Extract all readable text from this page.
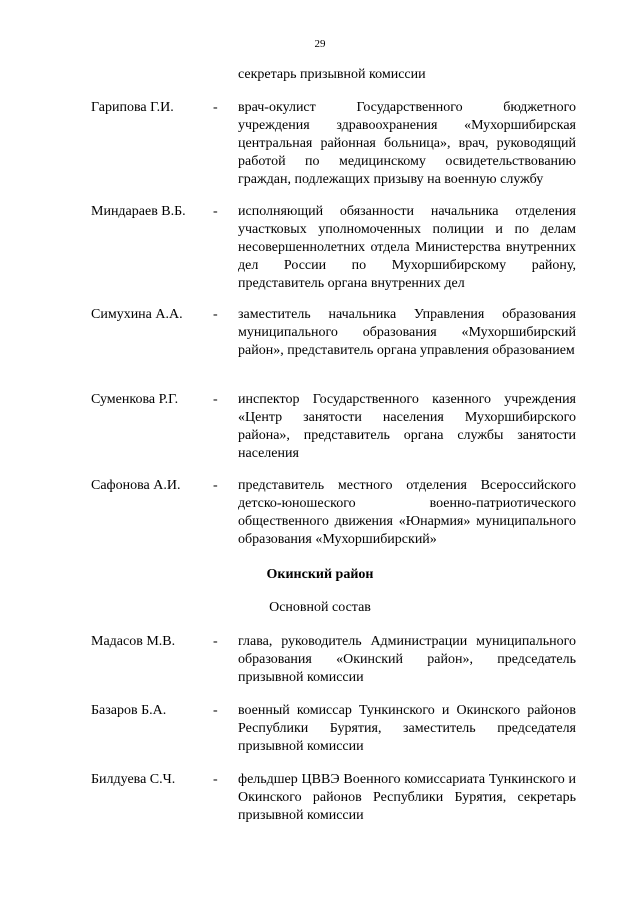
29
секретарь призывной комиссии
Гарипова Г.И.	- врач-окулист Государственного бюджетного учреждения здравоохранения «Мухоршибирская центральная районная больница», врач, руководящий работой по медицинскому освидетельствованию граждан, подлежащих призыву на военную службу
Миндараев В.Б. - исполняющий обязанности начальника отделения участковых уполномоченных полиции и по делам несовершеннолетних отдела Министерства внутренних дел России по Мухоршибирскому району, представитель органа внутренних дел
Симухина А.А. - заместитель начальника Управления образования муниципального образования «Мухоршибирский район», представитель органа управления образованием
Суменкова Р.Г. - инспектор Государственного казенного учреждения «Центр занятости населения Мухоршибирского района», представитель органа службы занятости населения
Сафонова А.И. - представитель местного отделения Всероссийского детско-юношеского военно-патриотического общественного движения «Юнармия» муниципального образования «Мухоршибирский»
Окинский район
Основной состав
Мадасов М.В.	- глава, руководитель Администрации муниципального образования «Окинский район», председатель призывной комиссии
Базаров Б.А.	- военный комиссар Тункинского и Окинского районов Республики Бурятия, заместитель председателя призывной комиссии
Билдуева С.Ч.	- фельдшер ЦВВЭ Военного комиссариата Тункинского и Окинского районов Республики Бурятия, секретарь призывной комиссии
